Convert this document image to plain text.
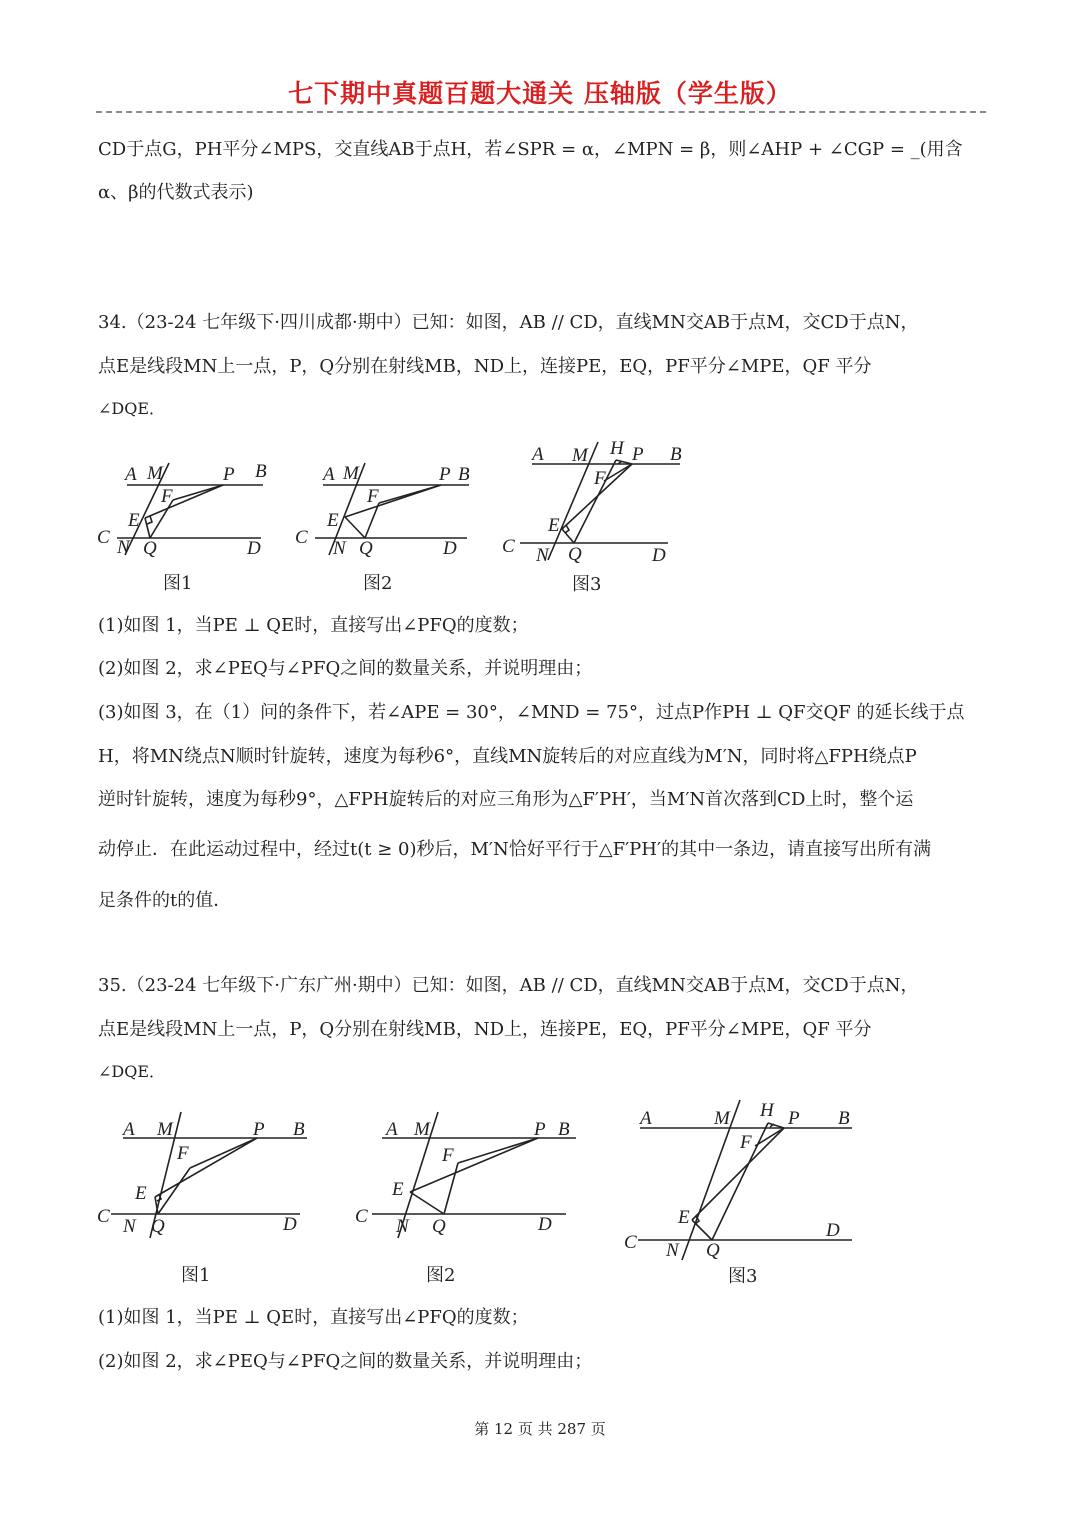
七下期中真题百题大通关 压轴版（学生版）
CD于点G，PH平分∠MPS，交直线AB于点H，若∠SPR = α，∠MPN = β，则∠AHP + ∠CGP = _(用含
α、β的代数式表示)
34.（23-24 七年级下·四川成都·期中）已知：如图，AB // CD，直线MN交AB于点M，交CD于点N，
点E是线段MN上一点，P，Q分别在射线MB，ND上，连接PE，EQ，PF平分∠MPE，QF 平分
∠DQE．
A M	P B
F
E
C N Q	D
图1
A M	P B
F
E
C
N Q	D
图2
A M H P B
F
E
C N Q	D
图3
(1)如图 1，当PE ⊥ QE时，直接写出∠PFQ的度数；
(2)如图 2，求∠PEQ与∠PFQ之间的数量关系，并说明理由；
(3)如图 3，在（1）问的条件下，若∠APE = 30°，∠MND = 75°，过点P作PH ⊥ QF交QF 的延长线于点
H，将MN绕点N顺时针旋转，速度为每秒6°，直线MN旋转后的对应直线为M′N，同时将△FPH绕点P
逆时针旋转，速度为每秒9°，△FPH旋转后的对应三角形为△F′PH′，当M′N首次落到CD上时，整个运
动停止．在此运动过程中，经过t(t ≥ 0)秒后，M′N恰好平行于△F′PH′的其中一条边，请直接写出所有满
足条件的t的值．
35.（23-24 七年级下·广东广州·期中）已知：如图，AB // CD，直线MN交AB于点M，交CD于点N，
点E是线段MN上一点，P，Q分别在射线MB，ND上，连接PE，EQ，PF平分∠MPE，QF 平分
∠DQE．
A M	P B
F
E
C N Q	D
图1
A M	P B
F
E
C N Q	D
图2
A	M H P B
F
E
C N Q
D
图3
(1)如图 1，当PE ⊥ QE时，直接写出∠PFQ的度数；
(2)如图 2，求∠PEQ与∠PFQ之间的数量关系，并说明理由；
第 12 页 共 287 页
